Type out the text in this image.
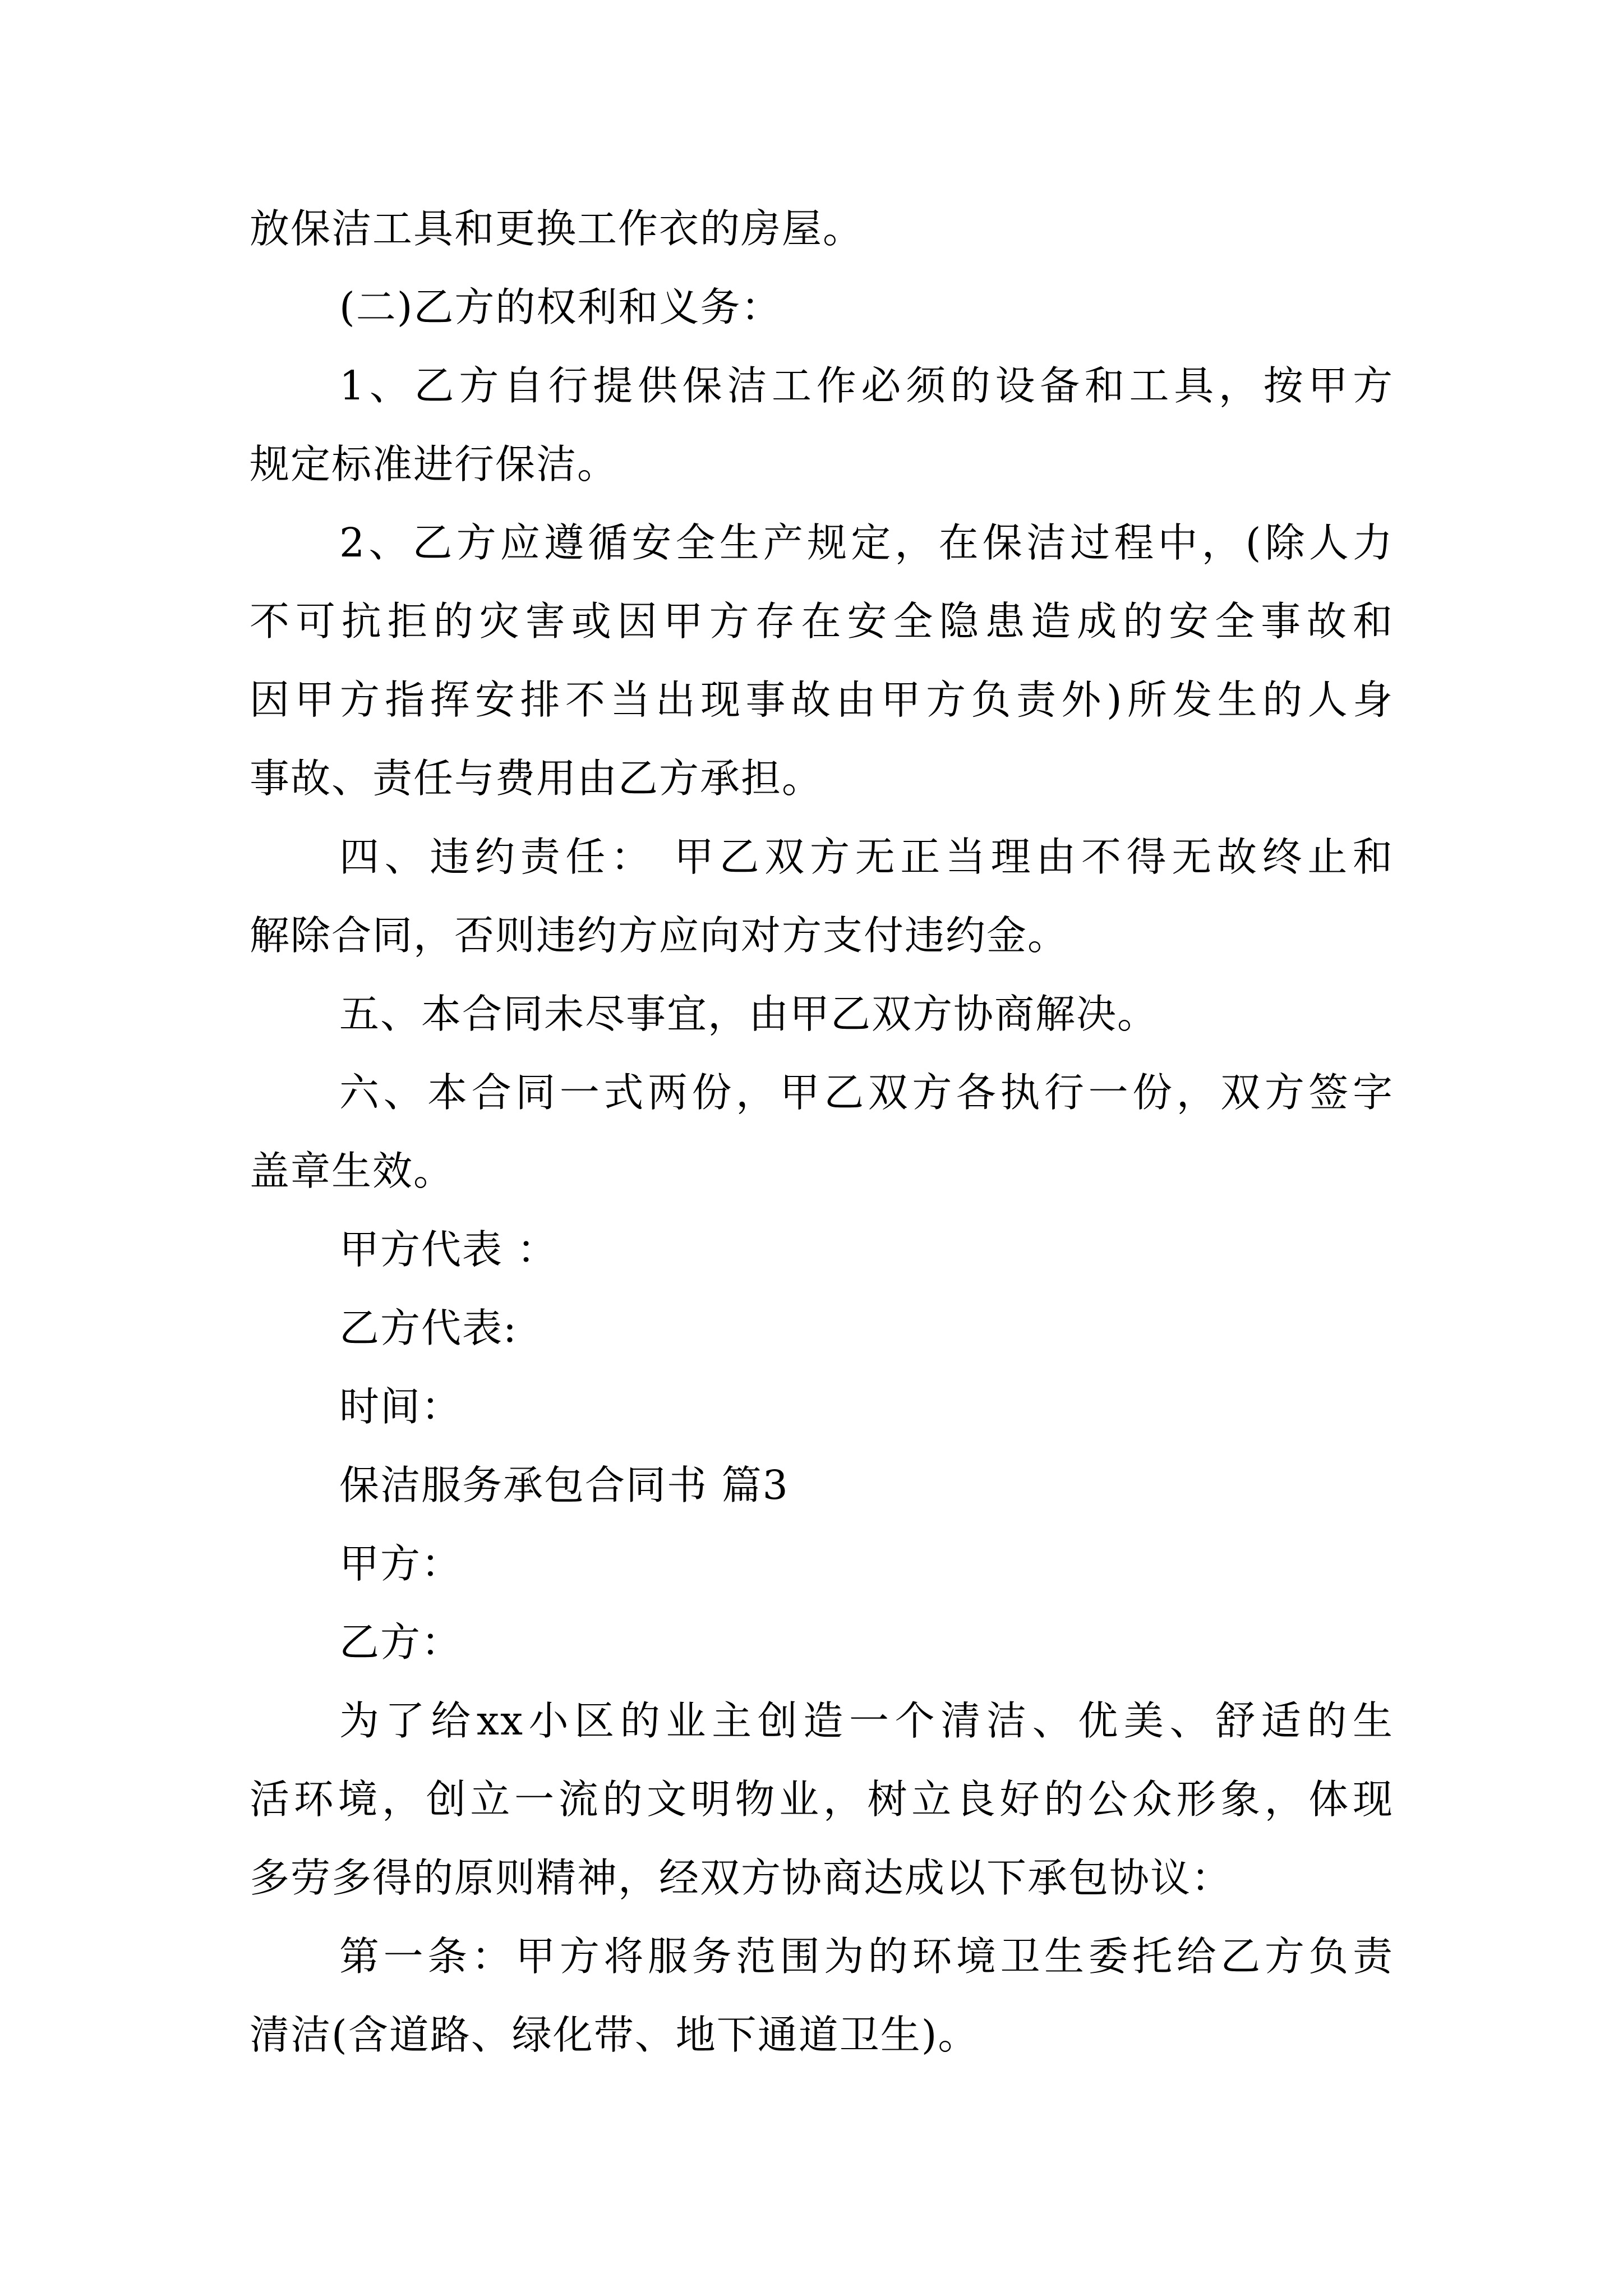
放保洁工具和更换工作衣的房屋。
(二)乙方的权利和义务：
1、乙方自行提供保洁工作必须的设备和工具，按甲方
规定标准进行保洁。
2、乙方应遵循安全生产规定，在保洁过程中，(除人力
不可抗拒的灾害或因甲方存在安全隐患造成的安全事故和
因甲方指挥安排不当出现事故由甲方负责外)所发生的人身
事故、责任与费用由乙方承担。
四、违约责任： 甲乙双方无正当理由不得无故终止和
解除合同，否则违约方应向对方支付违约金。
五、本合同未尽事宜，由甲乙双方协商解决。
六、本合同一式两份，甲乙双方各执行一份，双方签字
盖章生效。
甲方代表 ：
乙方代表:
时间：
保洁服务承包合同书 篇3
甲方：
乙方：
为了给xx小区的业主创造一个清洁、优美、舒适的生
活环境，创立一流的文明物业，树立良好的公众形象，体现
多劳多得的原则精神，经双方协商达成以下承包协议：
第一条：甲方将服务范围为的环境卫生委托给乙方负责
清洁(含道路、绿化带、地下通道卫生)。
